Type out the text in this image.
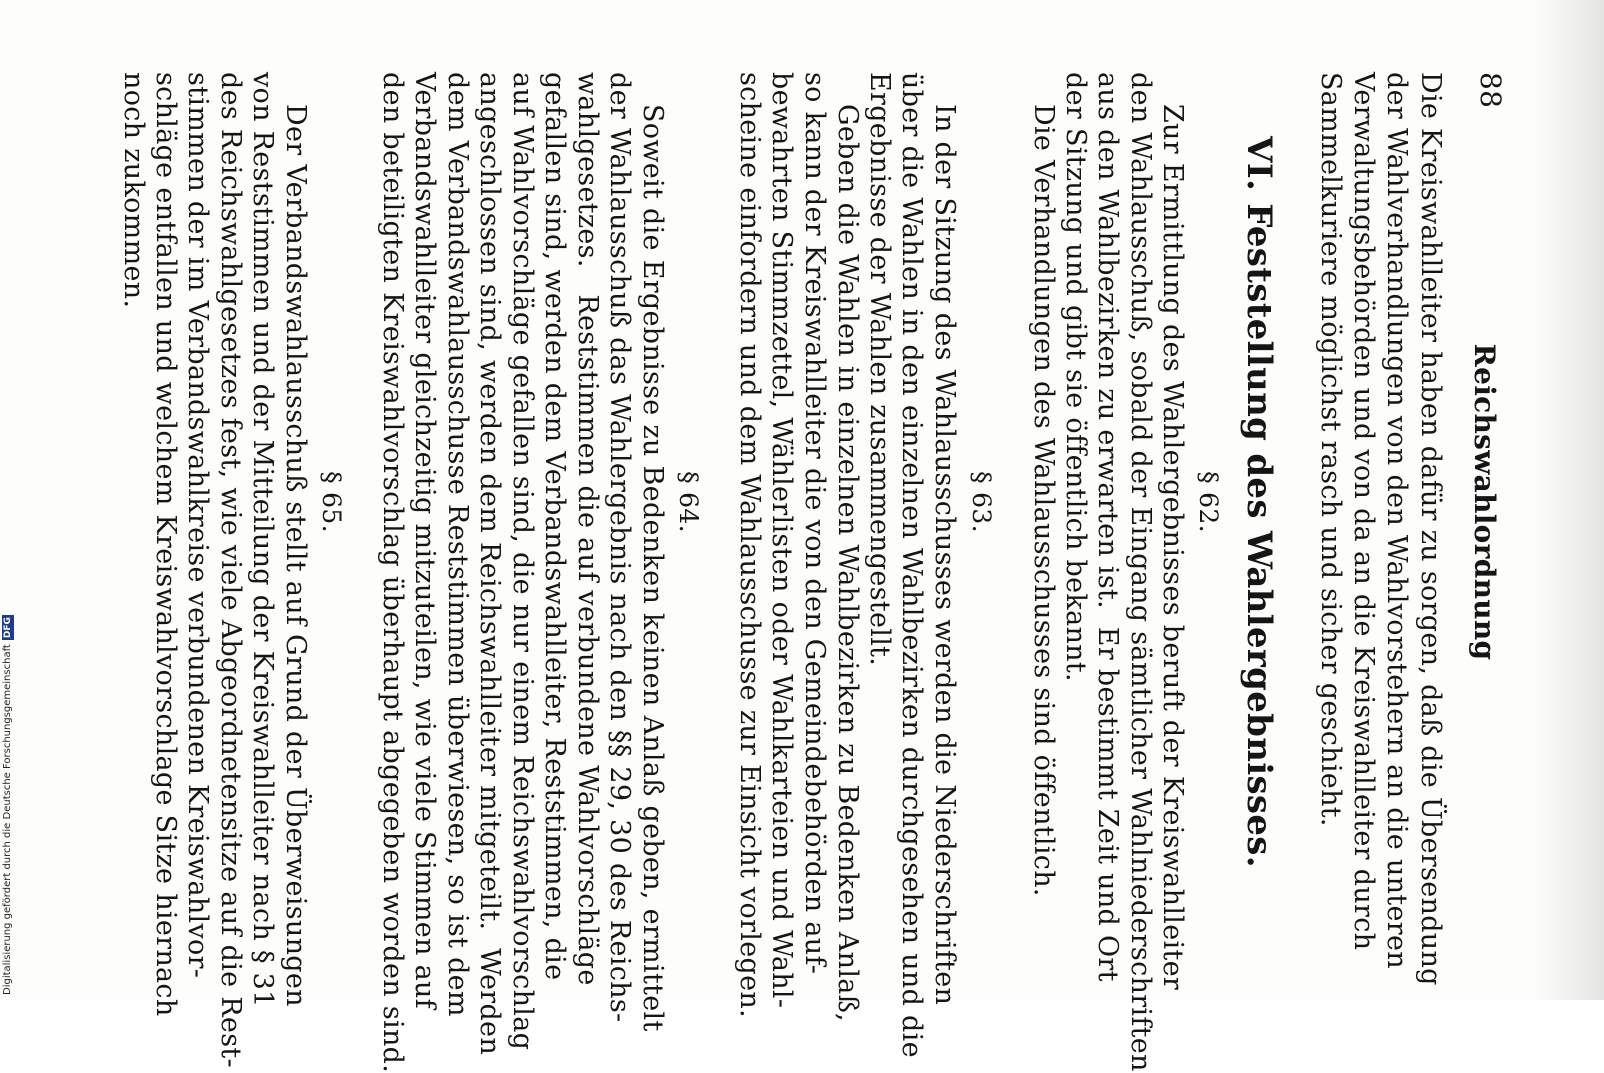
Reichswahlordnung
88
Die Kreiswahlleiter haben dafür zu sorgen, daß die Übersendung
der Wahlverhandlungen von den Wahlvorstehern an die unteren
Verwaltungsbehörden und von da an die Kreiswahlleiter durch
Sammelkuriere möglichst rasch und sicher geschieht.
VI. Feststellung des Wahlergebnisses.
§ 62.
Zur Ermittlung des Wahlergebnisses beruft der Kreiswahlleiter
den Wahlausschuß, sobald der Eingang sämtlicher Wahlniederschriften
aus den Wahlbezirken zu erwarten ist.  Er bestimmt Zeit und Ort
der Sitzung und gibt sie öffentlich bekannt.
Die Verhandlungen des Wahlausschusses sind öffentlich.
§ 63.
In der Sitzung des Wahlausschusses werden die Niederschriften
über die Wahlen in den einzelnen Wahlbezirken durchgesehen und die
Ergebnisse der Wahlen zusammengestellt.
Geben die Wahlen in einzelnen Wahlbezirken zu Bedenken Anlaß,
so kann der Kreiswahlleiter die von den Gemeindebehörden auf-
bewahrten Stimmzettel, Wählerlisten oder Wahlkarteien und Wahl-
scheine einfordern und dem Wahlausschusse zur Einsicht vorlegen.
§ 64.
Soweit die Ergebnisse zu Bedenken keinen Anlaß geben, ermittelt
der Wahlausschuß das Wahlergebnis nach den §§ 29, 30 des Reichs-
wahlgesetzes.   Reststimmen die auf verbundene Wahlvorschläge
gefallen sind, werden dem Verbandswahlleiter, Reststimmen, die
auf Wahlvorschläge gefallen sind, die nur einem Reichswahlvorschlag
angeschlossen sind, werden dem Reichswahlleiter mitgeteilt.  Werden
dem Verbandswahlausschusse Reststimmen überwiesen, so ist dem
Verbandswahlleiter gleichzeitig mitzuteilen, wie viele Stimmen auf
den beteiligten Kreiswahlvorschlag überhaupt abgegeben worden sind.
§ 65.
Der Verbandswahlausschuß stellt auf Grund der Überweisungen
von Reststimmen und der Mitteilung der Kreiswahlleiter nach § 31
des Reichswahlgesetzes fest, wie viele Abgeordnetensitze auf die Rest-
stimmen der im Verbandswahlkreise verbundenen Kreiswahlvor-
schläge entfallen und welchem Kreiswahlvorschlage Sitze hiernach
noch zukommen.
Digitalisierung gefördert durch die Deutsche ForschungsgemeinschaftDFG
